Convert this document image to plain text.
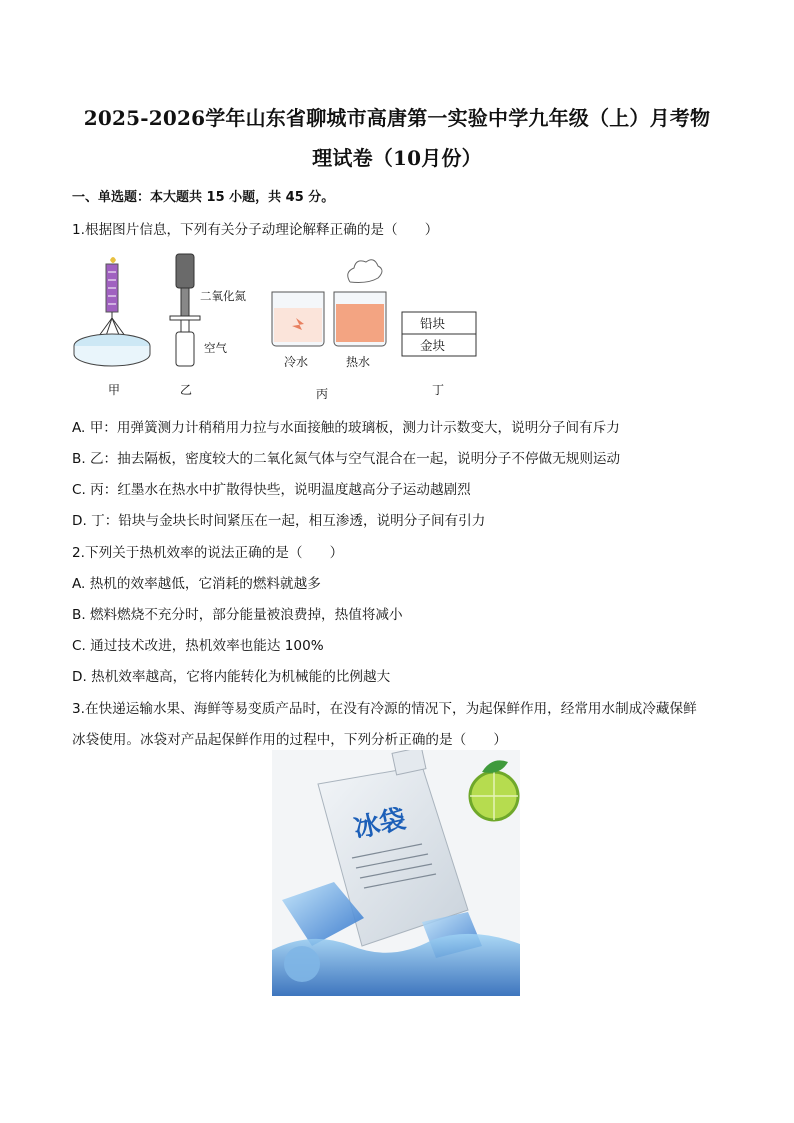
2025-2026学年山东省聊城市高唐第一实验中学九年级（上）月考物
理试卷（10月份）
一、单选题：本大题共 15 小题，共 45 分。
1.根据图片信息，下列有关分子动理论解释正确的是（　　）
甲
二氧化氮
空气
乙
冷水	热水
丙
铅块
金块
丁
A. 甲：用弹簧测力计稍稍用力拉与水面接触的玻璃板，测力计示数变大，说明分子间有斥力
B. 乙：抽去隔板，密度较大的二氧化氮气体与空气混合在一起，说明分子不停做无规则运动
C. 丙：红墨水在热水中扩散得快些，说明温度越高分子运动越剧烈
D. 丁：铅块与金块长时间紧压在一起，相互渗透，说明分子间有引力
2.下列关于热机效率的说法正确的是（　　）
A. 热机的效率越低，它消耗的燃料就越多
B. 燃料燃烧不充分时，部分能量被浪费掉，热值将减小
C. 通过技术改进，热机效率也能达 100%
D. 热机效率越高，它将内能转化为机械能的比例越大
3.在快递运输水果、海鲜等易变质产品时，在没有冷源的情况下，为起保鲜作用，经常用水制成冷藏保鲜
冰袋使用。冰袋对产品起保鲜作用的过程中，下列分析正确的是（　　）
冰袋
